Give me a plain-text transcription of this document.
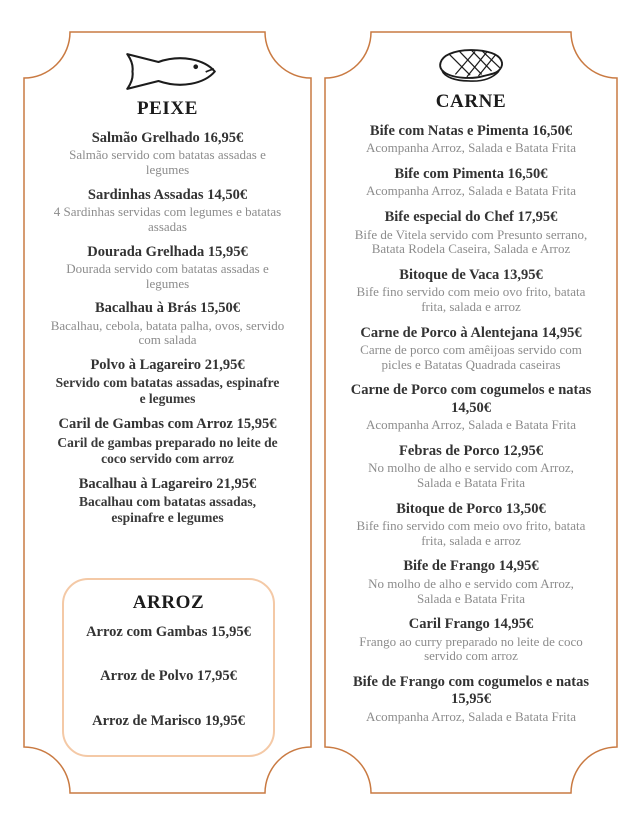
PEIXE

Salmão Grelhado 16,95€

Salmão servido com batatas assadas e legumes

Sardinhas Assadas 14,50€

4 Sardinhas servidas com legumes e batatas assadas

Dourada Grelhada 15,95€

Dourada servido com batatas assadas e legumes

Bacalhau à Brás 15,50€

Bacalhau, cebola, batata palha, ovos, servido com salada

Polvo à Lagareiro 21,95€

Servido com batatas assadas, espinafre e legumes

Caril de Gambas com Arroz 15,95€

Caril de gambas preparado no leite de coco servido com arroz

Bacalhau à Lagareiro 21,95€

Bacalhau com batatas assadas, espinafre e legumes

ARROZ

Arroz com Gambas 15,95€

Arroz de Polvo 17,95€

Arroz de Marisco 19,95€

CARNE

Bife com Natas e Pimenta 16,50€

Acompanha Arroz, Salada e Batata Frita

Bife com Pimenta 16,50€

Acompanha Arroz, Salada e Batata Frita

Bife especial do Chef 17,95€

Bife de Vitela servido com Presunto serrano, Batata Rodela Caseira, Salada e Arroz

Bitoque de Vaca 13,95€

Bife fino servido com meio ovo frito, batata frita, salada e arroz

Carne de Porco à Alentejana 14,95€

Carne de porco com amêijoas servido com picles e Batatas Quadrada caseiras

Carne de Porco com cogumelos e natas 14,50€

Acompanha Arroz, Salada e Batata Frita

Febras de Porco 12,95€

No molho de alho e servido com Arroz, Salada e Batata Frita

Bitoque de Porco 13,50€

Bife fino servido com meio ovo frito, batata frita, salada e arroz

Bife de Frango 14,95€

No molho de alho e servido com Arroz, Salada e Batata Frita

Caril Frango 14,95€

Frango ao curry preparado no leite de coco servido com arroz

Bife de Frango com cogumelos e natas 15,95€

Acompanha Arroz, Salada e Batata Frita
